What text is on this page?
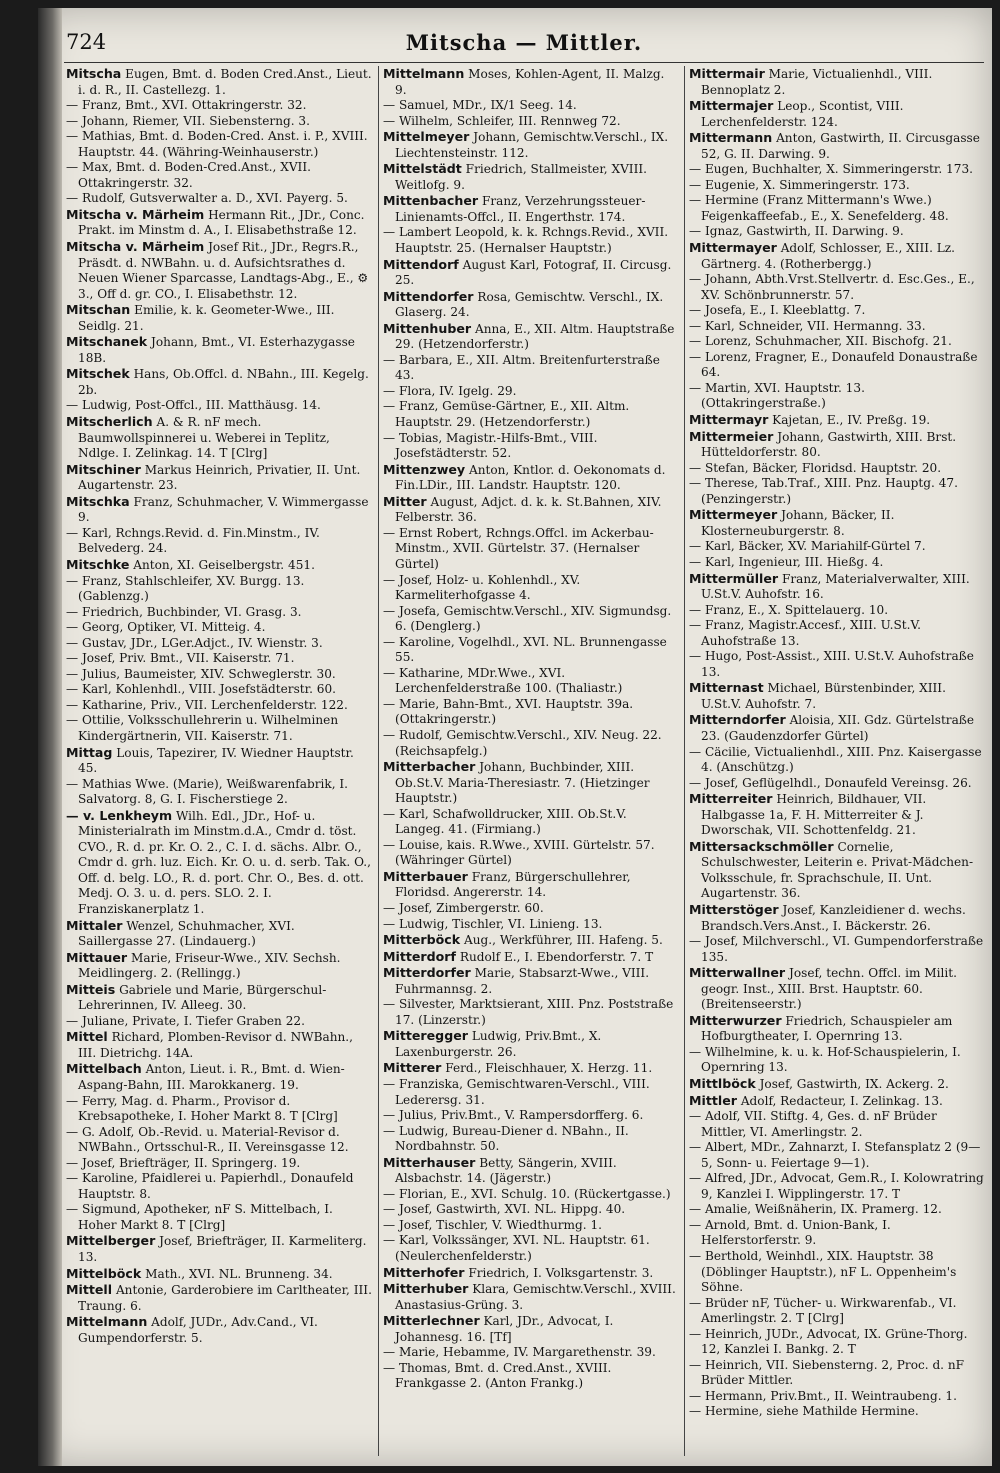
724	Mitscha — Mittler.

Mitscha Eugen, Bmt. d. Boden Cred.Anst., Lieut. i. d. R., II. Castellezg. 1.

— Franz, Bmt., XVI. Ottakringerstr. 32.

— Johann, Riemer, VII. Siebensterng. 3.

— Mathias, Bmt. d. Boden-Cred. Anst. i. P., XVIII. Hauptstr. 44. (Währing-Weinhauserstr.)

— Max, Bmt. d. Boden-Cred.Anst., XVII. Ottakringerstr. 32.

— Rudolf, Gutsverwalter a. D., XVI. Payerg. 5.

Mitscha v. Märheim Hermann Rit., JDr., Conc. Prakt. im Minstm d. A., I. Elisabethstraße 12.

Mitscha v. Märheim Josef Rit., JDr., Regrs.R., Präsdt. d. NWBahn. u. d. Aufsichtsrathes d. Neuen Wiener Sparcasse, Landtags-Abg., E., ⚙ 3., Off d. gr. CO., I. Elisabethstr. 12.

Mitschan Emilie, k. k. Geometer-Wwe., III. Seidlg. 21.

Mitschanek Johann, Bmt., VI. Esterhazygasse 18B.

Mitschek Hans, Ob.Offcl. d. NBahn., III. Kegelg. 2b.

— Ludwig, Post-Offcl., III. Matthäusg. 14.

Mitscherlich A. & R. nF mech. Baumwollspinnerei u. Weberei in Teplitz, Ndlge. I. Zelinkag. 14. T [Clrg]

Mitschiner Markus Heinrich, Privatier, II. Unt. Augartenstr. 23.

Mitschka Franz, Schuhmacher, V. Wimmergasse 9.

— Karl, Rchngs.Revid. d. Fin.Minstm., IV. Belvederg. 24.

Mitschke Anton, XI. Geiselbergstr. 451.

— Franz, Stahlschleifer, XV. Burgg. 13. (Gablenzg.)

— Friedrich, Buchbinder, VI. Grasg. 3.

— Georg, Optiker, VI. Mitteig. 4.

— Gustav, JDr., LGer.Adjct., IV. Wienstr. 3.

— Josef, Priv. Bmt., VII. Kaiserstr. 71.

— Julius, Baumeister, XIV. Schweglerstr. 30.

— Karl, Kohlenhdl., VIII. Josefstädterstr. 60.

— Katharine, Priv., VII. Lerchenfelderstr. 122.

— Ottilie, Volksschullehrerin u. Wilhelminen Kindergärtnerin, VII. Kaiserstr. 71.

Mittag Louis, Tapezirer, IV. Wiedner Hauptstr. 45.

— Mathias Wwe. (Marie), Weißwarenfabrik, I. Salvatorg. 8, G. I. Fischerstiege 2.

— v. Lenkheym Wilh. Edl., JDr., Hof- u. Ministerialrath im Minstm.d.A., Cmdr d. töst. CVO., R. d. pr. Kr. O. 2., C. I. d. sächs. Albr. O., Cmdr d. grh. luz. Eich. Kr. O. u. d. serb. Tak. O., Off. d. belg. LO., R. d. port. Chr. O., Bes. d. ott. Medj. O. 3. u. d. pers. SLO. 2. I. Franziskanerplatz 1.

Mittaler Wenzel, Schuhmacher, XVI. Saillergasse 27. (Lindauerg.)

Mittauer Marie, Friseur-Wwe., XIV. Sechsh. Meidlingerg. 2. (Rellingg.)

Mitteis Gabriele und Marie, Bürgerschul-Lehrerinnen, IV. Alleeg. 30.

— Juliane, Private, I. Tiefer Graben 22.

Mittel Richard, Plomben-Revisor d. NWBahn., III. Dietrichg. 14A.

Mittelbach Anton, Lieut. i. R., Bmt. d. Wien-Aspang-Bahn, III. Marokkanerg. 19.

— Ferry, Mag. d. Pharm., Provisor d. Krebsapotheke, I. Hoher Markt 8. T [Clrg]

— G. Adolf, Ob.-Revid. u. Material-Revisor d. NWBahn., Ortsschul-R., II. Vereinsgasse 12.

— Josef, Briefträger, II. Springerg. 19.

— Karoline, Pfaidlerei u. Papierhdl., Donaufeld Hauptstr. 8.

— Sigmund, Apotheker, nF S. Mittelbach, I. Hoher Markt 8. T [Clrg]

Mittelberger Josef, Briefträger, II. Karmeliterg. 13.

Mittelböck Math., XVI. NL. Brunneng. 34.

Mittell Antonie, Garderobiere im Carltheater, III. Traung. 6.

Mittelmann Adolf, JUDr., Adv.Cand., VI. Gumpendorferstr. 5.

Mittelmann Moses, Kohlen-Agent, II. Malzg. 9.

— Samuel, MDr., IX/1 Seeg. 14.

— Wilhelm, Schleifer, III. Rennweg 72.

Mittelmeyer Johann, Gemischtw.Verschl., IX. Liechtensteinstr. 112.

Mittelstädt Friedrich, Stallmeister, XVIII. Weitlofg. 9.

Mittenbacher Franz, Verzehrungssteuer-Linienamts-Offcl., II. Engerthstr. 174.

— Lambert Leopold, k. k. Rchngs.Revid., XVII. Hauptstr. 25. (Hernalser Hauptstr.)

Mittendorf August Karl, Fotograf, II. Circusg. 25.

Mittendorfer Rosa, Gemischtw. Verschl., IX. Glaserg. 24.

Mittenhuber Anna, E., XII. Altm. Hauptstraße 29. (Hetzendorferstr.)

— Barbara, E., XII. Altm. Breitenfurterstraße 43.

— Flora, IV. Igelg. 29.

— Franz, Gemüse-Gärtner, E., XII. Altm. Hauptstr. 29. (Hetzendorferstr.)

— Tobias, Magistr.-Hilfs-Bmt., VIII. Josefstädterstr. 52.

Mittenzwey Anton, Kntlor. d. Oekonomats d. Fin.LDir., III. Landstr. Hauptstr. 120.

Mitter August, Adjct. d. k. k. St.Bahnen, XIV. Felberstr. 36.

— Ernst Robert, Rchngs.Offcl. im Ackerbau-Minstm., XVII. Gürtelstr. 37. (Hernalser Gürtel)

— Josef, Holz- u. Kohlenhdl., XV. Karmeliterhofgasse 4.

— Josefa, Gemischtw.Verschl., XIV. Sigmundsg. 6. (Denglerg.)

— Karoline, Vogelhdl., XVI. NL. Brunnengasse 55.

— Katharine, MDr.Wwe., XVI. Lerchenfelderstraße 100. (Thaliastr.)

— Marie, Bahn-Bmt., XVI. Hauptstr. 39a. (Ottakringerstr.)

— Rudolf, Gemischtw.Verschl., XIV. Neug. 22. (Reichsapfelg.)

Mitterbacher Johann, Buchbinder, XIII. Ob.St.V. Maria-Theresiastr. 7. (Hietzinger Hauptstr.)

— Karl, Schafwolldrucker, XIII. Ob.St.V. Langeg. 41. (Firmiang.)

— Louise, kais. R.Wwe., XVIII. Gürtelstr. 57. (Währinger Gürtel)

Mitterbauer Franz, Bürgerschullehrer, Floridsd. Angererstr. 14.

— Josef, Zimbergerstr. 60.

— Ludwig, Tischler, VI. Linieng. 13.

Mitterböck Aug., Werkführer, III. Hafeng. 5.

Mitterdorf Rudolf E., I. Ebendorferstr. 7. T

Mitterdorfer Marie, Stabsarzt-Wwe., VIII. Fuhrmannsg. 2.

— Silvester, Marktsierant, XIII. Pnz. Poststraße 17. (Linzerstr.)

Mitteregger Ludwig, Priv.Bmt., X. Laxenburgerstr. 26.

Mitterer Ferd., Fleischhauer, X. Herzg. 11.

— Franziska, Gemischtwaren-Verschl., VIII. Lederersg. 31.

— Julius, Priv.Bmt., V. Rampersdorfferg. 6.

— Ludwig, Bureau-Diener d. NBahn., II. Nordbahnstr. 50.

Mitterhauser Betty, Sängerin, XVIII. Alsbachstr. 14. (Jägerstr.)

— Florian, E., XVI. Schulg. 10. (Rückertgasse.)

— Josef, Gastwirth, XVI. NL. Hippg. 40.

— Josef, Tischler, V. Wiedthurmg. 1.

— Karl, Volkssänger, XVI. NL. Hauptstr. 61. (Neulerchenfelderstr.)

Mitterhofer Friedrich, I. Volksgartenstr. 3.

Mitterhuber Klara, Gemischtw.Verschl., XVIII. Anastasius-Grüng. 3.

Mitterlechner Karl, JDr., Advocat, I. Johannesg. 16. [Tf]

— Marie, Hebamme, IV. Margarethenstr. 39.

— Thomas, Bmt. d. Cred.Anst., XVIII. Frankgasse 2. (Anton Frankg.)

Mittermair Marie, Victualienhdl., VIII. Bennoplatz 2.

Mittermajer Leop., Scontist, VIII. Lerchenfelderstr. 124.

Mittermann Anton, Gastwirth, II. Circusgasse 52, G. II. Darwing. 9.

— Eugen, Buchhalter, X. Simmeringerstr. 173.

— Eugenie, X. Simmeringerstr. 173.

— Hermine (Franz Mittermann's Wwe.) Feigenkaffeefab., E., X. Senefelderg. 48.

— Ignaz, Gastwirth, II. Darwing. 9.

Mittermayer Adolf, Schlosser, E., XIII. Lz. Gärtnerg. 4. (Rotherbergg.)

— Johann, Abth.Vrst.Stellvertr. d. Esc.Ges., E., XV. Schönbrunnerstr. 57.

— Josefa, E., I. Kleeblattg. 7.

— Karl, Schneider, VII. Hermanng. 33.

— Lorenz, Schuhmacher, XII. Bischofg. 21.

— Lorenz, Fragner, E., Donaufeld Donaustraße 64.

— Martin, XVI. Hauptstr. 13. (Ottakringerstraße.)

Mittermayr Kajetan, E., IV. Preßg. 19.

Mittermeier Johann, Gastwirth, XIII. Brst. Hütteldorferstr. 80.

— Stefan, Bäcker, Floridsd. Hauptstr. 20.

— Therese, Tab.Traf., XIII. Pnz. Hauptg. 47. (Penzingerstr.)

Mittermeyer Johann, Bäcker, II. Klosterneuburgerstr. 8.

— Karl, Bäcker, XV. Mariahilf-Gürtel 7.

— Karl, Ingenieur, III. Hießg. 4.

Mittermüller Franz, Materialverwalter, XIII. U.St.V. Auhofstr. 16.

— Franz, E., X. Spittelauerg. 10.

— Franz, Magistr.Accesf., XIII. U.St.V. Auhofstraße 13.

— Hugo, Post-Assist., XIII. U.St.V. Auhofstraße 13.

Mitternast Michael, Bürstenbinder, XIII. U.St.V. Auhofstr. 7.

Mitterndorfer Aloisia, XII. Gdz. Gürtelstraße 23. (Gaudenzdorfer Gürtel)

— Cäcilie, Victualienhdl., XIII. Pnz. Kaisergasse 4. (Anschützg.)

— Josef, Geflügelhdl., Donaufeld Vereinsg. 26.

Mitterreiter Heinrich, Bildhauer, VII. Halbgasse 1a, F. H. Mitterreiter & J. Dworschak, VII. Schottenfeldg. 21.

Mittersackschmöller Cornelie, Schulschwester, Leiterin e. Privat-Mädchen-Volksschule, fr. Sprachschule, II. Unt. Augartenstr. 36.

Mitterstöger Josef, Kanzleidiener d. wechs. Brandsch.Vers.Anst., I. Bäckerstr. 26.

— Josef, Milchverschl., VI. Gumpendorferstraße 135.

Mitterwallner Josef, techn. Offcl. im Milit. geogr. Inst., XIII. Brst. Hauptstr. 60. (Breitenseerstr.)

Mitterwurzer Friedrich, Schauspieler am Hofburgtheater, I. Opernring 13.

— Wilhelmine, k. u. k. Hof-Schauspielerin, I. Opernring 13.

Mittlböck Josef, Gastwirth, IX. Ackerg. 2.

Mittler Adolf, Redacteur, I. Zelinkag. 13.

— Adolf, VII. Stiftg. 4, Ges. d. nF Brüder Mittler, VI. Amerlingstr. 2.

— Albert, MDr., Zahnarzt, I. Stefansplatz 2 (9—5, Sonn- u. Feiertage 9—1).

— Alfred, JDr., Advocat, Gem.R., I. Kolowratring 9, Kanzlei I. Wipplingerstr. 17. T

— Amalie, Weißnäherin, IX. Pramerg. 12.

— Arnold, Bmt. d. Union-Bank, I. Helferstorferstr. 9.

— Berthold, Weinhdl., XIX. Hauptstr. 38 (Döblinger Hauptstr.), nF L. Oppenheim's Söhne.

— Brüder nF, Tücher- u. Wirkwarenfab., VI. Amerlingstr. 2. T [Clrg]

— Heinrich, JUDr., Advocat, IX. Grüne-Thorg. 12, Kanzlei I. Bankg. 2. T

— Heinrich, VII. Siebensterng. 2, Proc. d. nF Brüder Mittler.

— Hermann, Priv.Bmt., II. Weintraubeng. 1.

— Hermine, siehe Mathilde Hermine.
